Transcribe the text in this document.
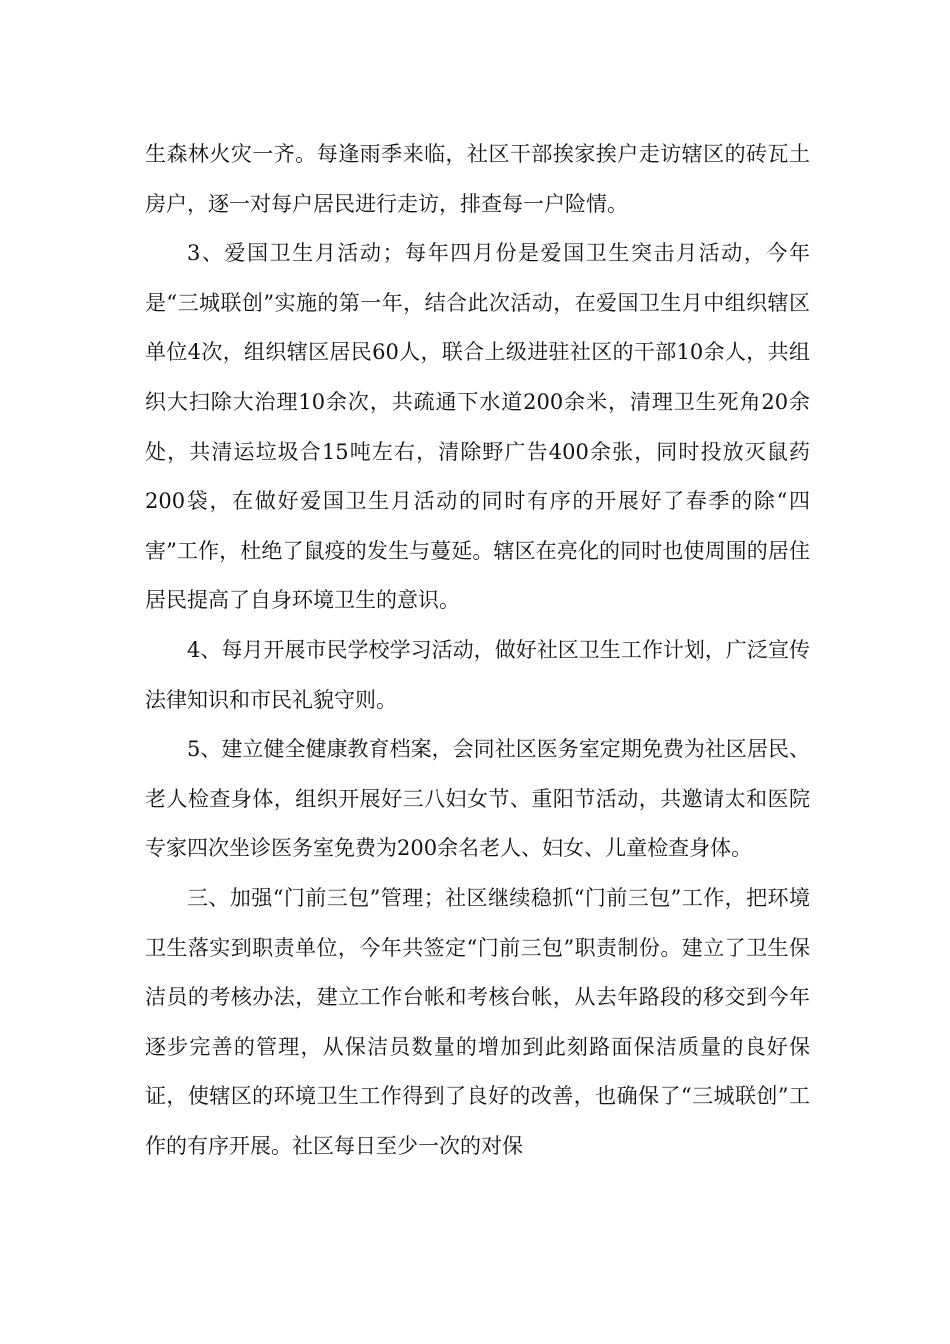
生森林火灾一齐。每逢雨季来临，社区干部挨家挨户走访辖区的砖瓦土房户，逐一对每户居民进行走访，排查每一户险情。

3、爱国卫生月活动；每年四月份是爱国卫生突击月活动，今年是“三城联创”实施的第一年，结合此次活动，在爱国卫生月中组织辖区单位4次，组织辖区居民60人，联合上级进驻社区的干部10余人，共组织大扫除大治理10余次，共疏通下水道200余米，清理卫生死角20余处，共清运垃圾合15吨左右，清除野广告400余张，同时投放灭鼠药200袋，在做好爱国卫生月活动的同时有序的开展好了春季的除“四害”工作，杜绝了鼠疫的发生与蔓延。辖区在亮化的同时也使周围的居住居民提高了自身环境卫生的意识。

4、每月开展市民学校学习活动，做好社区卫生工作计划，广泛宣传法律知识和市民礼貌守则。

5、建立健全健康教育档案，会同社区医务室定期免费为社区居民、老人检查身体，组织开展好三八妇女节、重阳节活动，共邀请太和医院专家四次坐诊医务室免费为200余名老人、妇女、儿童检查身体。

三、加强“门前三包”管理；社区继续稳抓“门前三包”工作，把环境卫生落实到职责单位，今年共签定“门前三包”职责制份。建立了卫生保洁员的考核办法，建立工作台帐和考核台帐，从去年路段的移交到今年逐步完善的管理，从保洁员数量的增加到此刻路面保洁质量的良好保证，使辖区的环境卫生工作得到了良好的改善，也确保了“三城联创”工作的有序开展。社区每日至少一次的对保
